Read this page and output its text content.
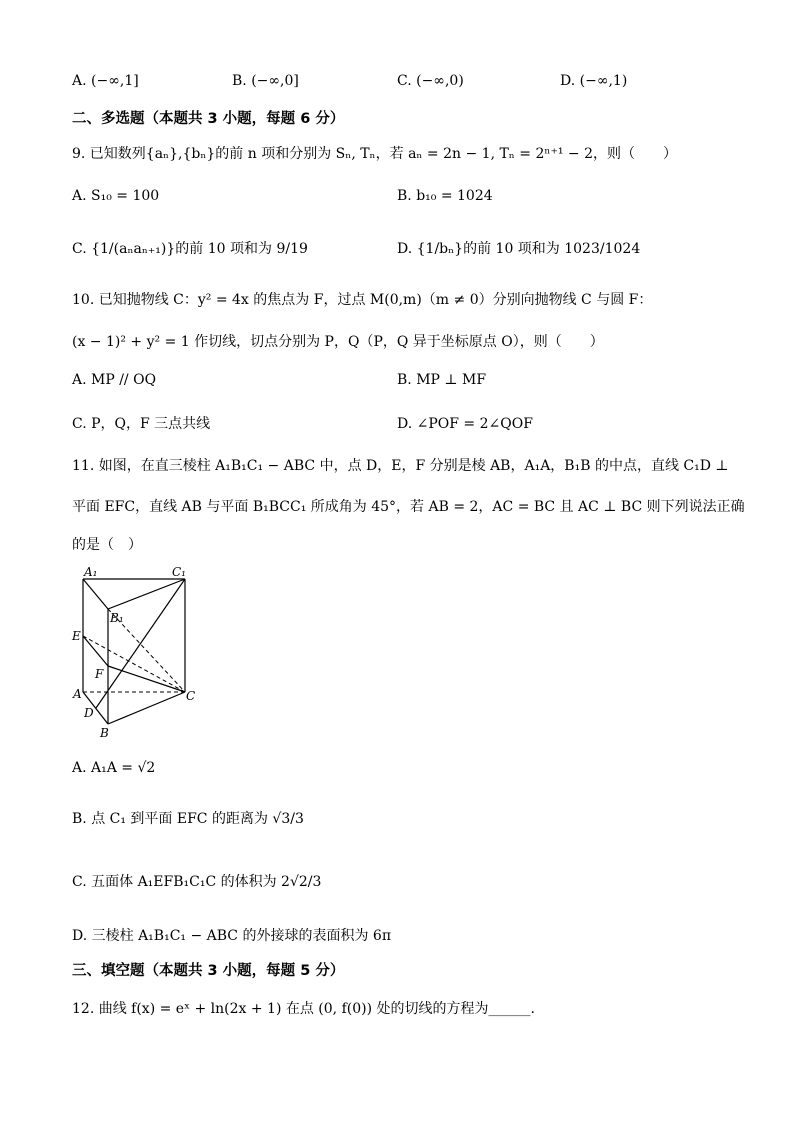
A. (−∞,1]	B. (−∞,0]	C. (−∞,0)	D. (−∞,1)
二、多选题（本题共 3 小题，每题 6 分）
9. 已知数列{aₙ},{bₙ}的前 n 项和分别为 Sₙ, Tₙ，若 aₙ = 2n − 1, Tₙ = 2ⁿ⁺¹ − 2，则（　　）
A. S₁₀ = 100	B. b₁₀ = 1024
C. {1/(aₙaₙ₊₁)}的前 10 项和为 9/19	D. {1/bₙ}的前 10 项和为 1023/1024
10. 已知抛物线 C：y² = 4x 的焦点为 F，过点 M(0,m)（m ≠ 0）分别向抛物线 C 与圆 F：
(x − 1)² + y² = 1 作切线，切点分别为 P，Q（P，Q 异于坐标原点 O），则（　　）
A. MP // OQ	B. MP ⊥ MF
C. P，Q，F 三点共线	D. ∠POF = 2∠QOF
11. 如图，在直三棱柱 A₁B₁C₁ − ABC 中，点 D，E，F 分别是棱 AB，A₁A，B₁B 的中点，直线 C₁D ⊥
平面 EFC，直线 AB 与平面 B₁BCC₁ 所成角为 45°，若 AB = 2，AC = BC 且 AC ⊥ BC 则下列说法正确
的是（　）
A₁	C₁
B₁
E
F
A
D
B
C
A. A₁A = √2
B. 点 C₁ 到平面 EFC 的距离为 √3/3
C. 五面体 A₁EFB₁C₁C 的体积为 2√2/3
D. 三棱柱 A₁B₁C₁ − ABC 的外接球的表面积为 6π
三、填空题（本题共 3 小题，每题 5 分）
12. 曲线 f(x) = eˣ + ln(2x + 1) 在点 (0, f(0)) 处的切线的方程为______.
